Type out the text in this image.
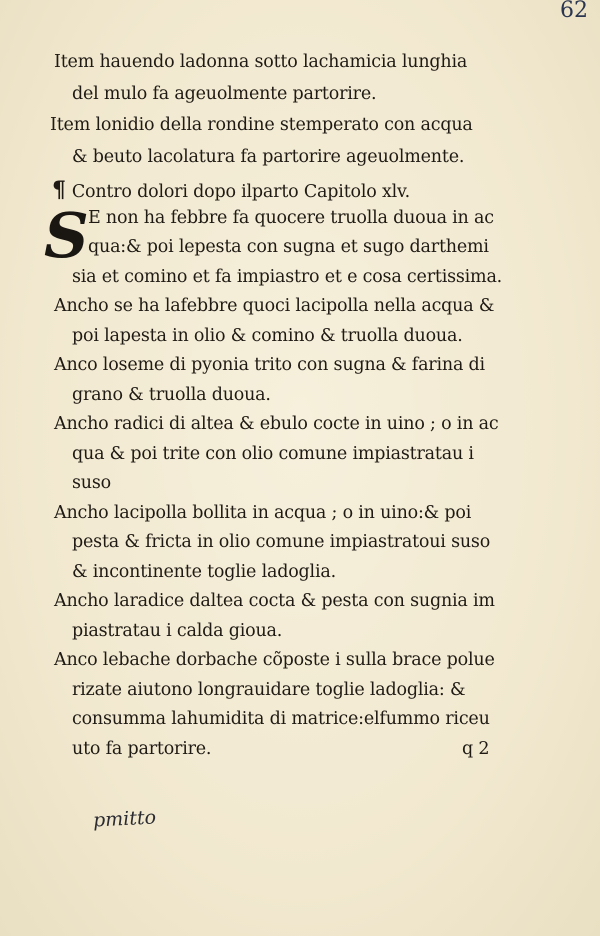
62
Item hauendo ladonna sotto lachamicia lunghia
del mulo fa ageuolmente partorire.
Item lonidio della rondine stemperato con acqua
& beuto lacolatura fa partorire ageuolmente.
¶ Contro dolori dopo ilparto Capitolo xlv.
S E non ha febbre fa quocere truolla duoua in ac
qua:& poi lepesta con sugna et sugo darthemi
sia et comino et fa impiastro et e cosa certissima.
Ancho se ha lafebbre quoci lacipolla nella acqua &
poi lapesta in olio & comino & truolla duoua.
Anco loseme di pyonia trito con sugna & farina di
grano & truolla duoua.
Ancho radici di altea & ebulo cocte in uino ; o in ac
qua & poi trite con olio comune impiastratau i
suso
Ancho lacipolla bollita in acqua ; o in uino:& poi
pesta & fricta in olio comune impiastratoui suso
& incontinente toglie ladoglia.
Ancho laradice daltea cocta & pesta con sugnia im
piastratau i calda gioua.
Anco lebache dorbache cõposte i sulla brace polue
rizate aiutono longrauidare toglie ladoglia: &
consumma lahumidita di matrice:elfummo riceu
uto fa partorire.	q 2
pmitto
